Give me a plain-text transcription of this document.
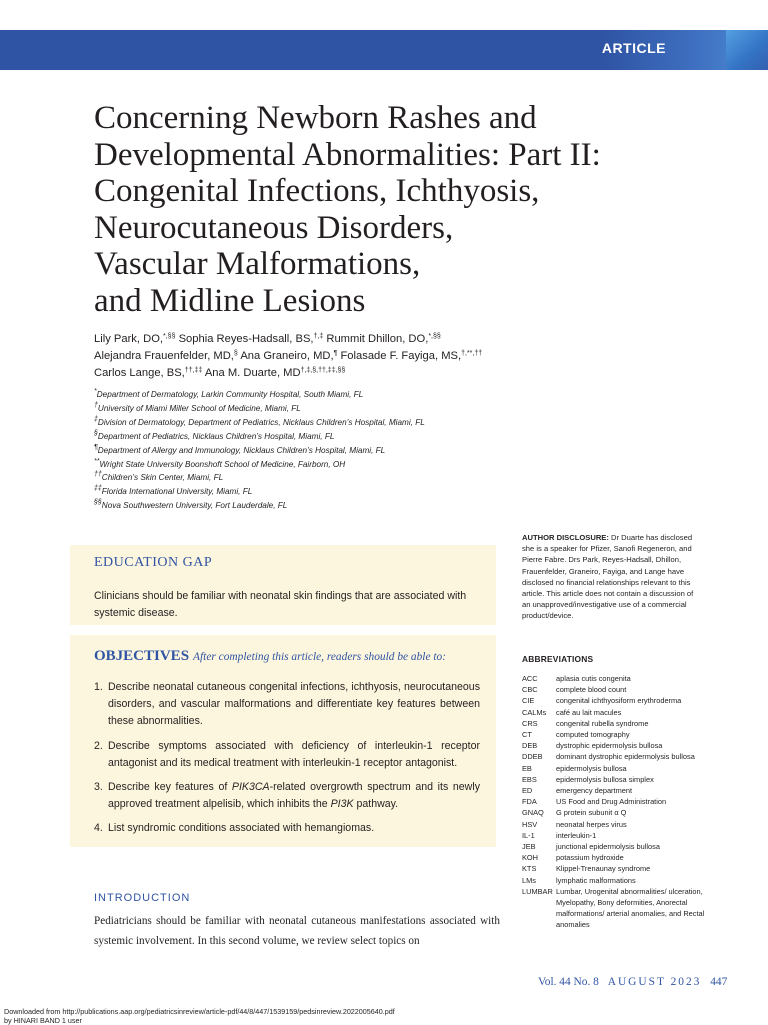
ARTICLE
Concerning Newborn Rashes and
Developmental Abnormalities: Part II:
Congenital Infections, Ichthyosis,
Neurocutaneous Disorders,
Vascular Malformations,
and Midline Lesions
Lily Park, DO,*,§§ Sophia Reyes-Hadsall, BS,†,‡ Rummit Dhillon, DO,*,§§
Alejandra Frauenfelder, MD,§ Ana Graneiro, MD,¶ Folasade F. Fayiga, MS,†,**,††
Carlos Lange, BS,††,‡‡ Ana M. Duarte, MD†,‡,§,††,‡‡,§§
*Department of Dermatology, Larkin Community Hospital, South Miami, FL
†University of Miami Miller School of Medicine, Miami, FL
‡Division of Dermatology, Department of Pediatrics, Nicklaus Children’s Hospital, Miami, FL
§Department of Pediatrics, Nicklaus Children’s Hospital, Miami, FL
¶Department of Allergy and Immunology, Nicklaus Children’s Hospital, Miami, FL
**Wright State University Boonshoft School of Medicine, Fairborn, OH
††Children’s Skin Center, Miami, FL
‡‡Florida International University, Miami, FL
§§Nova Southwestern University, Fort Lauderdale, FL
EDUCATION GAP
Clinicians should be familiar with neonatal skin findings that are associated with systemic disease.
OBJECTIVES After completing this article, readers should be able to:
1. Describe neonatal cutaneous congenital infections, ichthyosis, neurocutaneous disorders, and vascular malformations and differentiate key features between these abnormalities.
2. Describe symptoms associated with deficiency of interleukin-1 receptor antagonist and its medical treatment with interleukin-1 receptor antagonist.
3. Describe key features of PIK3CA-related overgrowth spectrum and its newly approved treatment alpelisib, which inhibits the PI3K pathway.
4. List syndromic conditions associated with hemangiomas.
INTRODUCTION
Pediatricians should be familiar with neonatal cutaneous manifestations associated with systemic involvement. In this second volume, we review select topics on
AUTHOR DISCLOSURE: Dr Duarte has disclosed she is a speaker for Pfizer, Sanofi Regeneron, and Pierre Fabre. Drs Park, Reyes-Hadsall, Dhillon, Frauenfelder, Graneiro, Fayiga, and Lange have disclosed no financial relationships relevant to this article. This article does not contain a discussion of an unapproved/investigative use of a commercial product/device.
ABBREVIATIONS
ACC	aplasia cutis congenita
CBC	complete blood count
CIE	congenital ichthyosiform erythroderma
CALMs	café au lait macules
CRS	congenital rubella syndrome
CT	computed tomography
DEB	dystrophic epidermolysis bullosa
DDEB	dominant dystrophic epidermolysis bullosa
EB	epidermolysis bullosa
EBS	epidermolysis bullosa simplex
ED	emergency department
FDA	US Food and Drug Administration
GNAQ	G protein subunit α Q
HSV	neonatal herpes virus
IL-1	interleukin-1
JEB	junctional epidermolysis bullosa
KOH	potassium hydroxide
KTS	Klippel-Trenaunay syndrome
LMs	lymphatic malformations
LUMBAR Lumbar, Urogenital abnormalities/ ulceration, Myelopathy, Bony deformities, Anorectal malformations/ arterial anomalies, and Rectal anomalies
Vol. 44 No. 8 AUGUST 2023 447
Downloaded from http://publications.aap.org/pediatricsinreview/article-pdf/44/8/447/1539159/pedsinreview.2022005640.pdf
by HINARI BAND 1 user
